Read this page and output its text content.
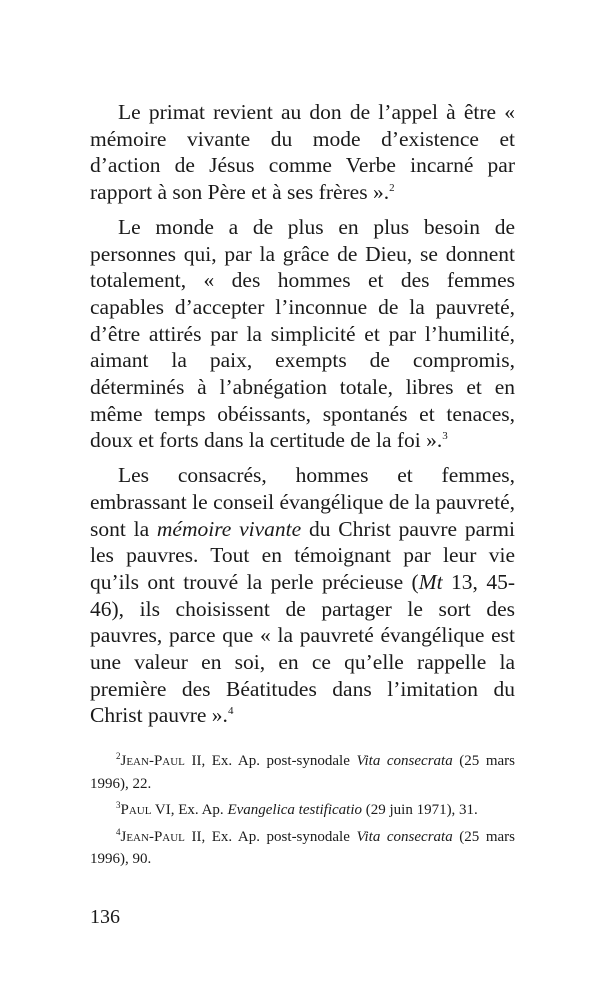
Le primat revient au don de l’appel à être « mémoire vivante du mode d’existence et d’action de Jésus comme Verbe incarné par rapport à son Père et à ses frères ».$^2$

Le monde a de plus en plus besoin de personnes qui, par la grâce de Dieu, se donnent totalement, « des hommes et des femmes capables d’accepter l’inconnue de la pauvreté, d’être attirés par la simplicité et par l’humilité, aimant la paix, exempts de compromis, déterminés à l’abnégation totale, libres et en même temps obéissants, spontanés et tenaces, doux et forts dans la certitude de la foi ».$^3$

Les consacrés, hommes et femmes, embrassant le conseil évangélique de la pauvreté, sont la mémoire vivante du Christ pauvre parmi les pauvres. Tout en témoignant par leur vie qu’ils ont trouvé la perle précieuse (Mt 13, 45-46), ils choisissent de partager le sort des pauvres, parce que « la pauvreté évangélique est une valeur en soi, en ce qu’elle rappelle la première des Béatitudes dans l’imitation du Christ pauvre ».$^4$

$^2$Jean-Paul II, Ex. Ap. post-synodale Vita consecrata (25 mars 1996), 22.

$^3$Paul VI, Ex. Ap. Evangelica testificatio (29 juin 1971), 31.

$^4$Jean-Paul II, Ex. Ap. post-synodale Vita consecrata (25 mars 1996), 90.

136
